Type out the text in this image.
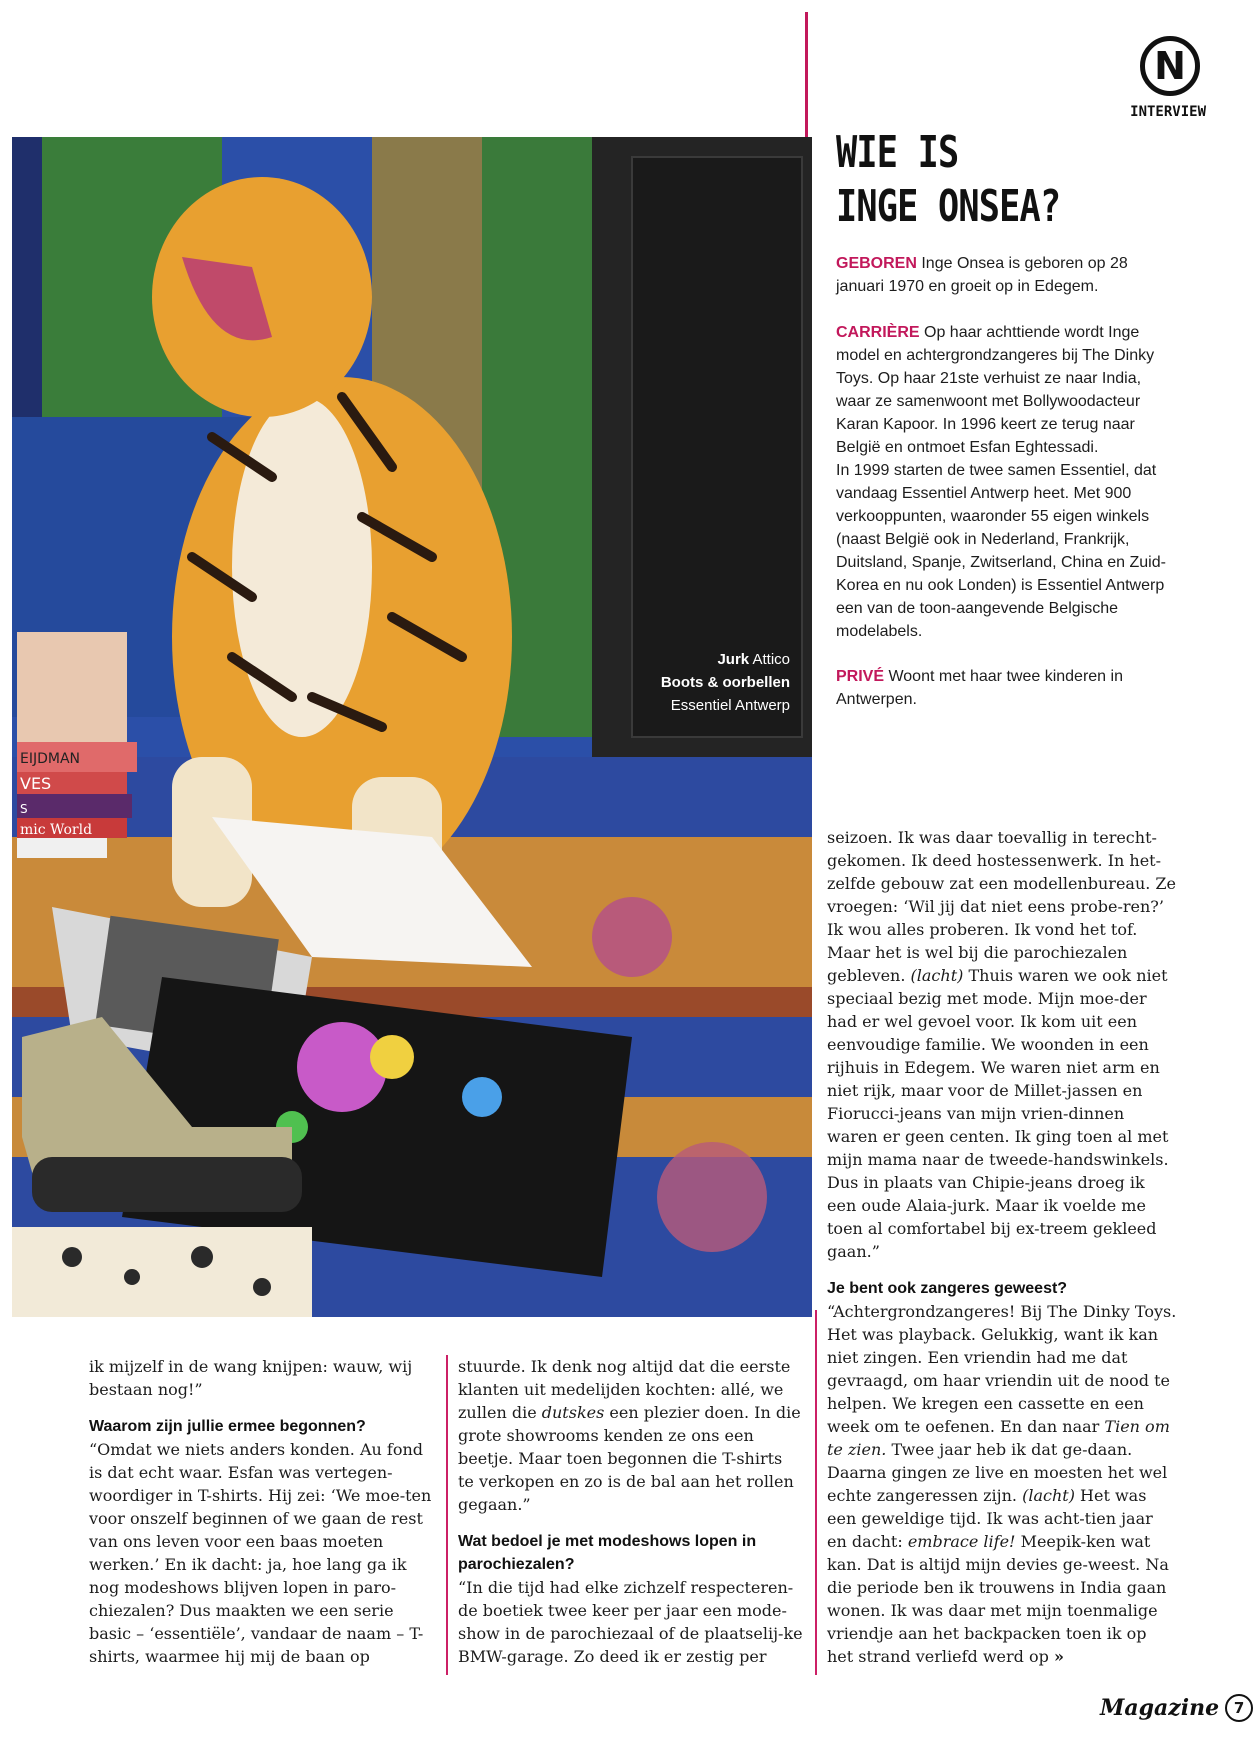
N
INTERVIEW
EIJDMAN
VES
S
mic World
Jurk Attico
Boots & oorbellen
Essentiel Antwerp
WIE IS
INGE ONSEA?
GEBOREN Inge Onsea is geboren op 28 januari 1970 en groeit op in Edegem.
CARRIÈRE Op haar achttiende wordt Inge model en achtergrondzangeres bij The Dinky Toys. Op haar 21ste verhuist ze naar India, waar ze samenwoont met Bollywoodacteur Karan Kapoor. In 1996 keert ze terug naar België en ontmoet Esfan Eghtessadi.
In 1999 starten de twee samen Essentiel, dat vandaag Essentiel Antwerp heet. Met 900 verkooppunten, waaronder 55 eigen winkels (naast België ook in Nederland, Frankrijk, Duitsland, Spanje, Zwitserland, China en Zuid-Korea en nu ook Londen) is Essentiel Antwerp een van de toon-aangevende Belgische modelabels.
PRIVÉ Woont met haar twee kinderen in Antwerpen.

seizoen. Ik was daar toevallig in terecht-gekomen. Ik deed hostessenwerk. In het-zelfde gebouw zat een modellenbureau. Ze vroegen: ‘Wil jij dat niet eens probe-ren?’ Ik wou alles proberen. Ik vond het tof. Maar het is wel bij die parochiezalen gebleven. (lacht) Thuis waren we ook niet speciaal bezig met mode. Mijn moe-der had er wel gevoel voor. Ik kom uit een eenvoudige familie. We woonden in een rijhuis in Edegem. We waren niet arm en niet rijk, maar voor de Millet-jassen en Fiorucci-jeans van mijn vrien-dinnen waren er geen centen. Ik ging toen al met mijn mama naar de tweede-handswinkels. Dus in plaats van Chipie-jeans droeg ik een oude Alaia-jurk. Maar ik voelde me toen al comfortabel bij ex-treem gekleed gaan.”

Je bent ook zangeres geweest?

“Achtergrondzangeres! Bij The Dinky Toys. Het was playback. Gelukkig, want ik kan niet zingen. Een vriendin had me dat gevraagd, om haar vriendin uit de nood te helpen. We kregen een cassette en een week om te oefenen. En dan naar Tien om te zien. Twee jaar heb ik dat ge-daan. Daarna gingen ze live en moesten het wel echte zangeressen zijn. (lacht) Het was een geweldige tijd. Ik was acht-tien jaar en dacht: embrace life! Meepik-ken wat kan. Dat is altijd mijn devies ge-weest. Na die periode ben ik trouwens in India gaan wonen. Ik was daar met mijn toenmalige vriendje aan het backpacken toen ik op het strand verliefd werd op »

ik mijzelf in de wang knijpen: wauw, wij bestaan nog!”

Waarom zijn jullie ermee begonnen?

“Omdat we niets anders konden. Au fond is dat echt waar. Esfan was vertegen-woordiger in T-shirts. Hij zei: ‘We moe-ten voor onszelf beginnen of we gaan de rest van ons leven voor een baas moeten werken.’ En ik dacht: ja, hoe lang ga ik nog modeshows blijven lopen in paro-chiezalen? Dus maakten we een serie basic – ‘essentiële’, vandaar de naam – T-shirts, waarmee hij mij de baan op

stuurde. Ik denk nog altijd dat die eerste klanten uit medelijden kochten: allé, we zullen die dutskes een plezier doen. In die grote showrooms kenden ze ons een beetje. Maar toen begonnen die T-shirts te verkopen en zo is de bal aan het rollen gegaan.”

Wat bedoel je met modeshows lopen in parochiezalen?

“In die tijd had elke zichzelf respecteren-de boetiek twee keer per jaar een mode-show in de parochiezaal of de plaatselij-ke BMW-garage. Zo deed ik er zestig per

Magazine 7
